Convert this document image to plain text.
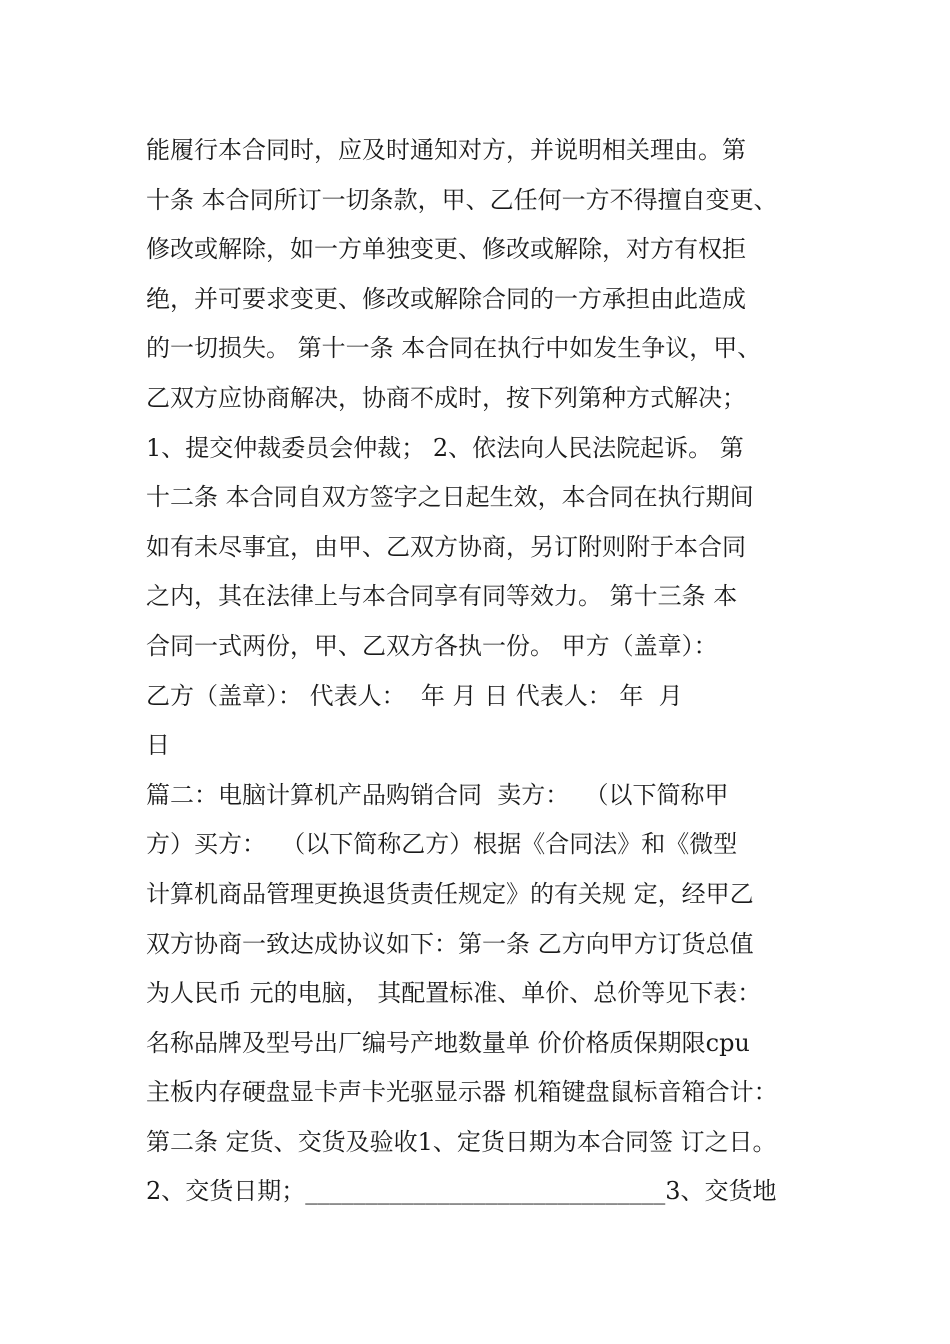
能履行本合同时，应及时通知对方，并说明相关理由。第
十条 本合同所订一切条款，甲、乙任何一方不得擅自变更、
修改或解除，如一方单独变更、修改或解除，对方有权拒
绝，并可要求变更、修改或解除合同的一方承担由此造成
的一切损失。 第十一条 本合同在执行中如发生争议，甲、
乙双方应协商解决，协商不成时，按下列第种方式解决；
1、提交仲裁委员会仲裁； 2、依法向人民法院起诉。 第
十二条 本合同自双方签字之日起生效，本合同在执行期间
如有未尽事宜，由甲、乙双方协商，另订附则附于本合同
之内，其在法律上与本合同享有同等效力。 第十三条 本
合同一式两份，甲、乙双方各执一份。 甲方（盖章）：
乙方（盖章）： 代表人：  年 月 日 代表人： 年  月
日
篇二：电脑计算机产品购销合同  卖方：  （以下简称甲
方）买方：  （以下简称乙方）根据《合同法》和《微型
计算机商品管理更换退货责任规定》的有关规 定，经甲乙
双方协商一致达成协议如下：第一条 乙方向甲方订货总值
为人民币 元的电脑， 其配置标准、单价、总价等见下表：
名称品牌及型号出厂编号产地数量单 价价格质保期限cpu
主板内存硬盘显卡声卡光驱显示器 机箱键盘鼠标音箱合计：
第二条 定货、交货及验收1、定货日期为本合同签 订之日。
2、交货日期；______________________________3、交货地
